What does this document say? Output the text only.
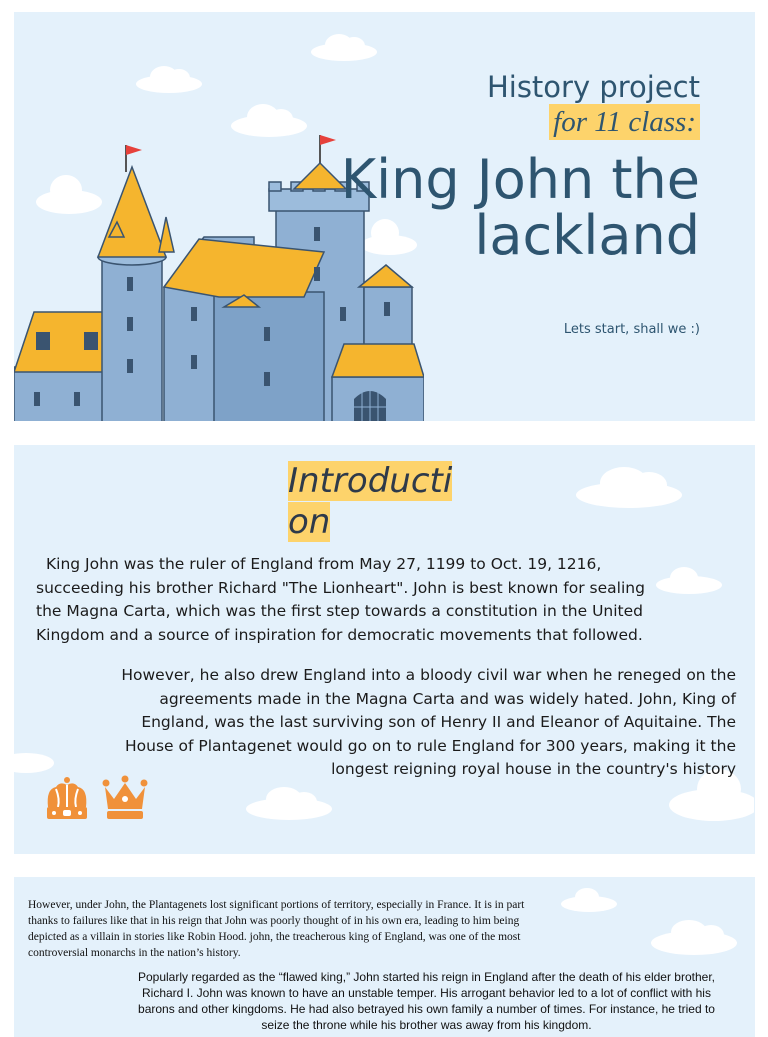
History project
for 11 class:
King John the lackland
Lets start, shall we :)
Introduction
King John was the ruler of England from May 27, 1199 to Oct. 19, 1216, succeeding his brother Richard "The Lionheart". John is best known for sealing the Magna Carta, which was the first step towards a constitution in the United Kingdom and a source of inspiration for democratic movements that followed.
However, he also drew England into a bloody civil war when he reneged on the agreements made in the Magna Carta and was widely hated. John, King of England, was the last surviving son of Henry II and Eleanor of Aquitaine. The House of Plantagenet would go on to rule England for 300 years, making it the longest reigning royal house in the country's history
However, under John, the Plantagenets lost significant portions of territory, especially in France. It is in part thanks to failures like that in his reign that John was poorly thought of in his own era, leading to him being depicted as a villain in stories like Robin Hood. john, the treacherous king of England, was one of the most controversial monarchs in the nation’s history.
Popularly regarded as the “flawed king,” John started his reign in England after the death of his elder brother, Richard I. John was known to have an unstable temper. His arrogant behavior led to a lot of conflict with his barons and other kingdoms. He had also betrayed his own family a number of times. For instance, he tried to seize the throne while his brother was away from his kingdom.
